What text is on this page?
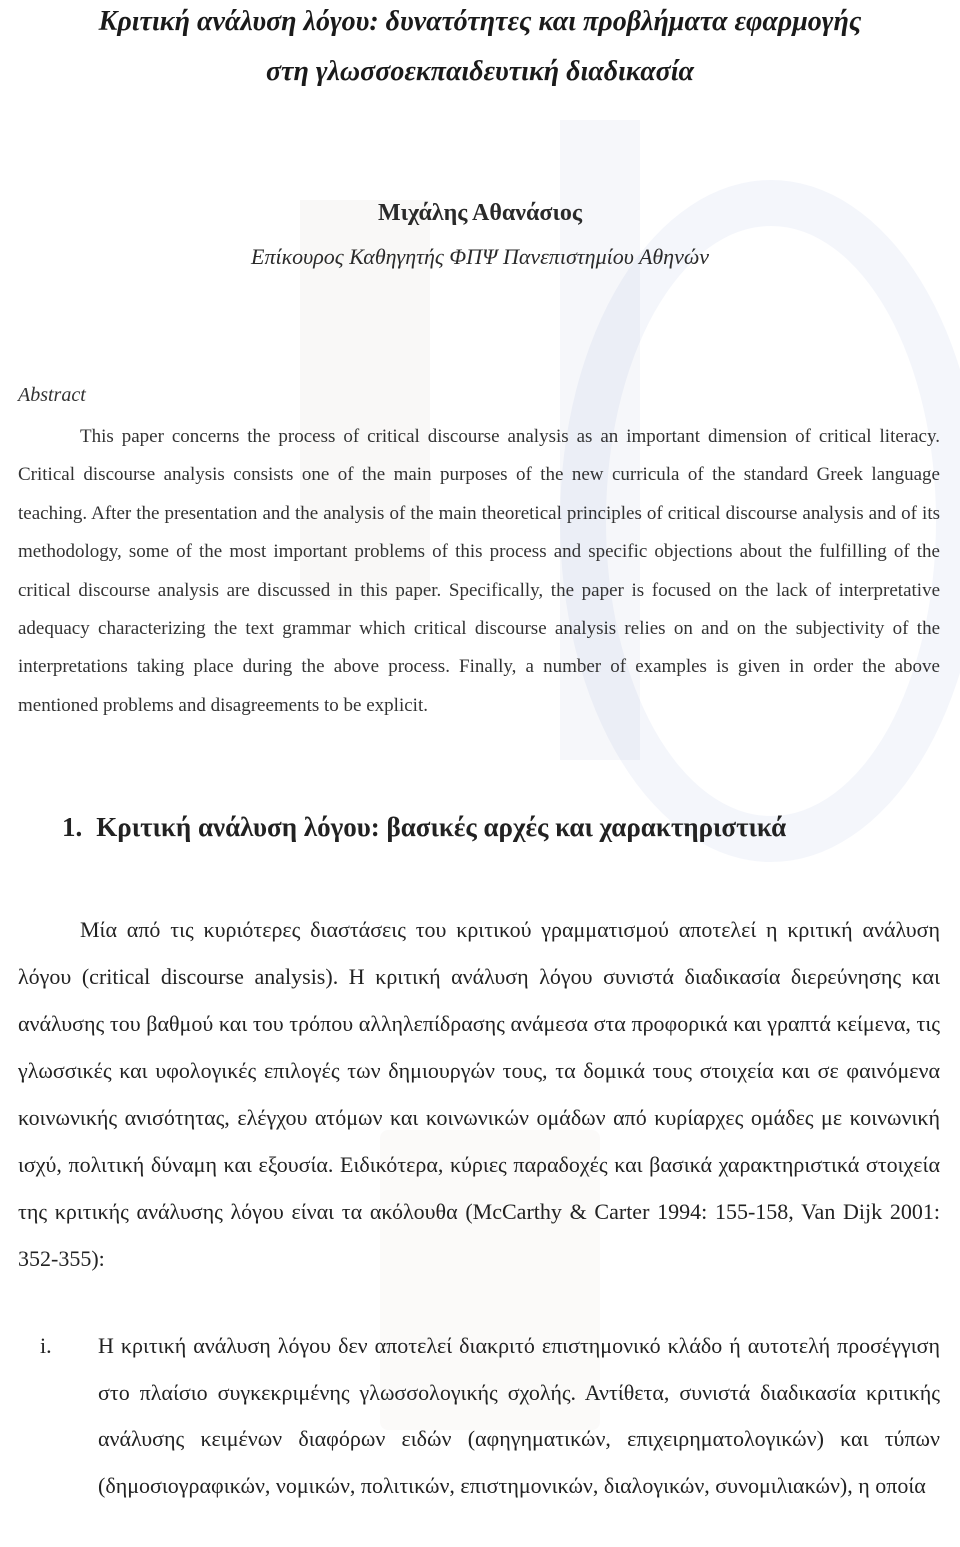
Κριτική ανάλυση λόγου: δυνατότητες και προβλήματα εφαρμογής
στη γλωσσοεκπαιδευτική διαδικασία
Μιχάλης Αθανάσιος
Επίκουρος Καθηγητής ΦΠΨ Πανεπιστημίου Αθηνών
Abstract

This paper concerns the process of critical discourse analysis as an important dimension of critical literacy. Critical discourse analysis consists one of the main purposes of the new curricula of the standard Greek language teaching. After the presentation and the analysis of the main theoretical principles of critical discourse analysis and of its methodology, some of the most important problems of this process and specific objections about the fulfilling of the critical discourse analysis are discussed in this paper. Specifically, the paper is focused on the lack of interpretative adequacy characterizing the text grammar which critical discourse analysis relies on and on the subjectivity of the interpretations taking place during the above process. Finally, a number of examples is given in order the above mentioned problems and disagreements to be explicit.

1. Κριτική ανάλυση λόγου: βασικές αρχές και χαρακτηριστικά

Μία από τις κυριότερες διαστάσεις του κριτικού γραμματισμού αποτελεί η κριτική ανάλυση λόγου (critical discourse analysis). Η κριτική ανάλυση λόγου συνιστά διαδικασία διερεύνησης και ανάλυσης του βαθμού και του τρόπου αλληλεπίδρασης ανάμεσα στα προφορικά και γραπτά κείμενα, τις γλωσσικές και υφολογικές επιλογές των δημιουργών τους, τα δομικά τους στοιχεία και σε φαινόμενα κοινωνικής ανισότητας, ελέγχου ατόμων και κοινωνικών ομάδων από κυρίαρχες ομάδες με κοινωνική ισχύ, πολιτική δύναμη και εξουσία. Ειδικότερα, κύριες παραδοχές και βασικά χαρακτηριστικά στοιχεία της κριτικής ανάλυσης λόγου είναι τα ακόλουθα (McCarthy & Carter 1994: 155-158, Van Dijk 2001: 352-355):

i.	Η κριτική ανάλυση λόγου δεν αποτελεί διακριτό επιστημονικό κλάδο ή αυτοτελή προσέγγιση στο πλαίσιο συγκεκριμένης γλωσσολογικής σχολής. Αντίθετα, συνιστά διαδικασία κριτικής ανάλυσης κειμένων διαφόρων ειδών (αφηγηματικών, επιχειρηματολογικών) και τύπων (δημοσιογραφικών, νομικών, πολιτικών, επιστημονικών, διαλογικών, συνομιλιακών), η οποία
